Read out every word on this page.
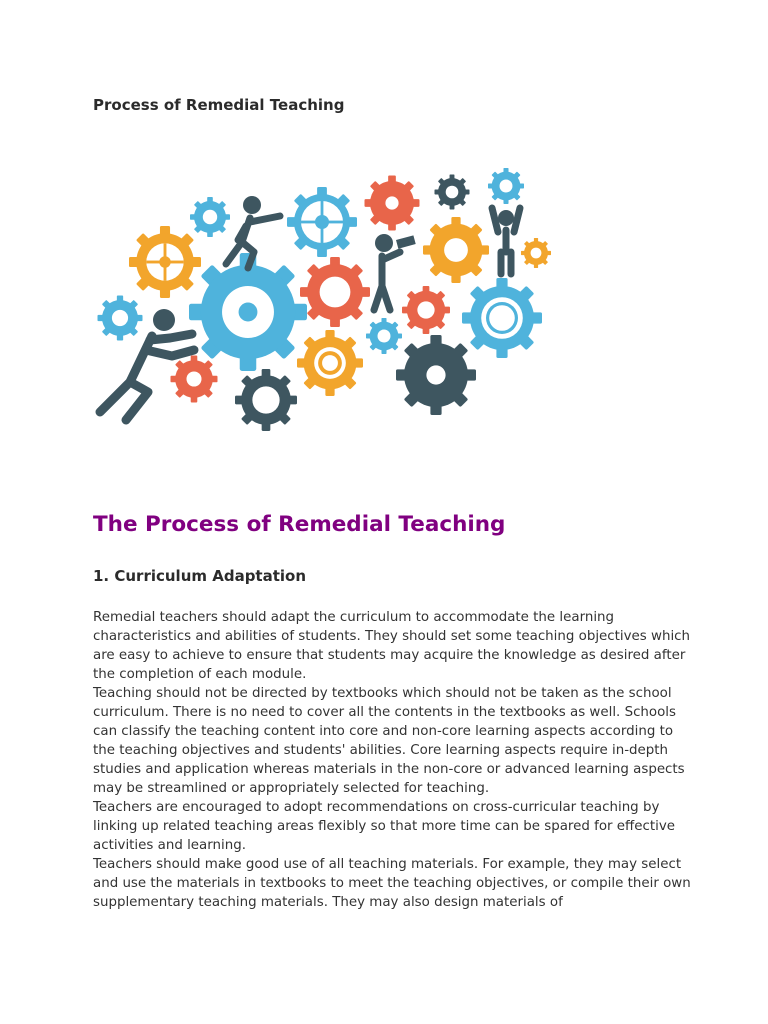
Process of Remedial Teaching
The Process of Remedial Teaching
1. Curriculum Adaptation

Remedial teachers should adapt the curriculum to accommodate the learning characteristics and abilities of students. They should set some teaching objectives which are easy to achieve to ensure that students may acquire the knowledge as desired after the completion of each module.

Teaching should not be directed by textbooks which should not be taken as the school curriculum. There is no need to cover all the contents in the textbooks as well. Schools can classify the teaching content into core and non-core learning aspects according to the teaching objectives and students' abilities. Core learning aspects require in-depth studies and application whereas materials in the non-core or advanced learning aspects may be streamlined or appropriately selected for teaching.

Teachers are encouraged to adopt recommendations on cross-curricular teaching by linking up related teaching areas flexibly so that more time can be spared for effective activities and learning.

Teachers should make good use of all teaching materials. For example, they may select and use the materials in textbooks to meet the teaching objectives, or compile their own supplementary teaching materials. They may also design materials of
